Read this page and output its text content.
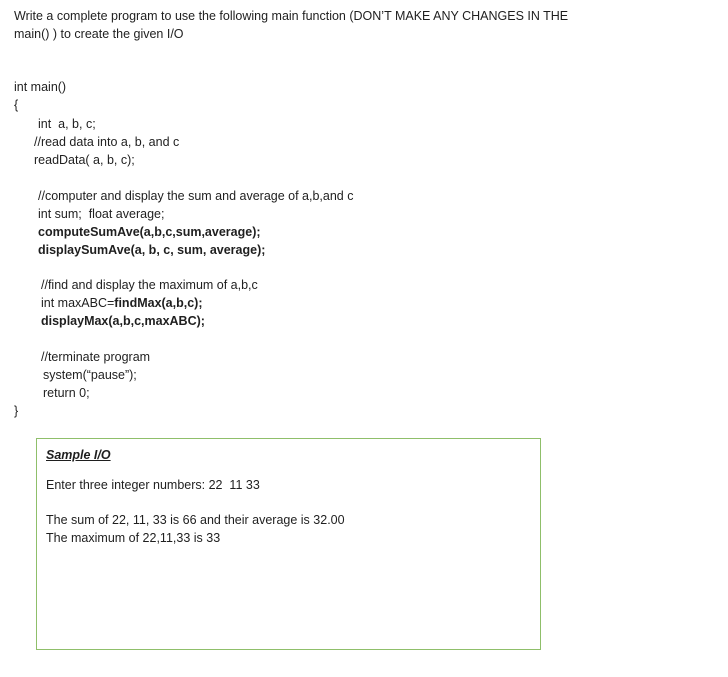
Write a complete program to use the following main function (DON’T MAKE ANY CHANGES IN THE
main() ) to create the given I/O
int main()
{
int  a, b, c;
//read data into a, b, and c
readData( a, b, c);
//computer and display the sum and average of a,b,and c
int sum;  float average;
computeSumAve(a,b,c,sum,average);
displaySumAve(a, b, c, sum, average);
//find and display the maximum of a,b,c
int maxABC=findMax(a,b,c);
displayMax(a,b,c,maxABC);
//terminate program
system(“pause”);
return 0;
}
Sample I/O
Enter three integer numbers: 22  11 33
The sum of 22, 11, 33 is 66 and their average is 32.00
The maximum of 22,11,33 is 33
